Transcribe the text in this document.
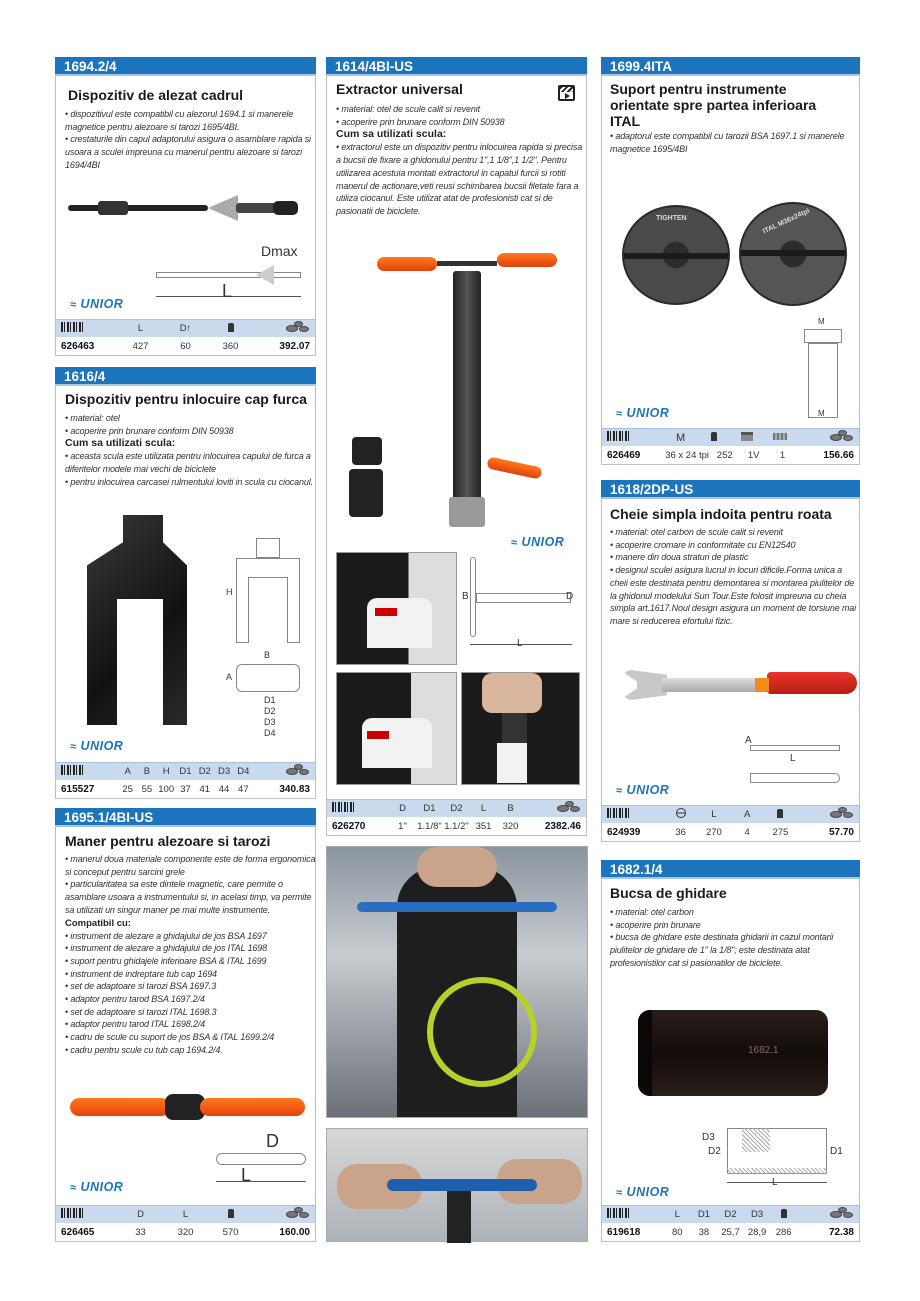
1694.2/4
Dispozitiv de alezat cadrul

• dispozitivul este compatibil cu alezorul 1694.1 si manerele magnetice pentru alezoare si tarozi 1695/4BI.

• crestaturile din capul adaptorului asigura o asamblare rapida si usoara a sculei impreuna cu manerul pentru alezoare si tarozi 1694/4BI

Dmax
L
≈ UNIOR
L	D↑
626463	427	60	360	392.07
1616/4
Dispozitiv pentru inlocuire cap furca

• material: otel

• acoperire prin brunare conform DIN 50938

Cum sa utilizati scula:

• aceasta scula este utilizata pentru inlocuirea capului de furca a diferitelor modele mai vechi de biciclete

• pentru inlocuirea carcasei rulmentului loviti in scula cu ciocanul.

H
B
A
D1
D2
D3
D4
≈ UNIOR
A	B	H	D1 D2 D3 D4
615527	25 55 100 37 41 44 47	340.83
1695.1/4BI-US
Maner pentru alezoare si tarozi

• manerul doua materiale componente este de forma ergonomica si conceput pentru sarcini grele

• particularitatea sa este dintele magnetic, care permite o asamblare usoara a instrumentului si, in acelasi timp, va permite sa utilizati un singur maner pe mai multe instrumente.

Compatibil cu:

• instrument de alezare a ghidajului de jos BSA 1697

• instrument de alezare a ghidajului de jos ITAL 1698

• suport pentru ghidajele inferioare BSA & ITAL 1699

• instrument de indreptare tub cap 1694

• set de adaptoare si tarozi BSA 1697.3

• adaptor pentru tarod BSA 1697.2/4

• set de adaptoare si tarozi ITAL 1698.3

• adaptor pentru tarod ITAL 1698.2/4

• cadru de scule cu suport de jos BSA & ITAL 1699.2/4

• cadru pentru scule cu tub cap 1694.2/4.

D
L
≈ UNIOR
D	L
626465	33	320	570	160.00
1614/4BI-US
Extractor universal

• material: otel de scule calit si revenit

• acoperire prin brunare conform DIN 50938

Cum sa utilizati scula:

• extractorul este un dispozitiv pentru inlocuirea rapida si precisa a bucsii de fixare a ghidonului pentru 1",1 1/8",1 1/2". Pentru utilizarea acestuia montati extractorul in capatul furcii si rotiti manerul de actionare,veti reusi schimbarea bucsii filetate fara a utiliza ciocanul. Este utilizat atat de profesionisti cat si de pasionatii de biciclete.

≈ UNIOR
B	D
L
D	D1	D2	L	B
626270	1"	1.1/8" 1.1/2" 351	320	2382.46
1699.4ITA
Suport pentru instrumente orientate spre partea inferioara ITAL

• adaptorul este compatibil cu tarozii BSA 1697.1 si manerele magnetice 1695/4BI

TIGHTEN	ITAL M36x24tpi
M
M
≈ UNIOR
M
626469	36 x 24 tpi 252	1V	1	156.66
1618/2DP-US
Cheie simpla indoita pentru roata

• material: otel carbon de scule calit si revenit

• acoperire cromare in conformitate cu EN12540

• manere din doua straturi de plastic

• designul sculei asigura lucrul in locuri dificile.Forma unica a cheii este destinata pentru demontarea si montarea piulitelor de la ghidonul modelului Sun Tour.Este folosit impreuna cu cheia simpla art.1617.Noul design asigura un moment de torsiune mai mare si reducerea efortului fizic.

A
L
≈ UNIOR
L	A
624939	36	270	4	275	57.70
1682.1/4
Bucsa de ghidare

• material: otel carbon

• acoperire prin brunare

• bucsa de ghidare este destinata ghidarii in cazul montarii piulitelor de ghidare de 1" la 1/8"; este destinata atat profesionistilor cat si pasionatilor de biciclete.

1682.1
D3
D2	D1
L
≈ UNIOR
L	D1	D2	D3
619618	80	38	25,7 28,9 286	72.38
